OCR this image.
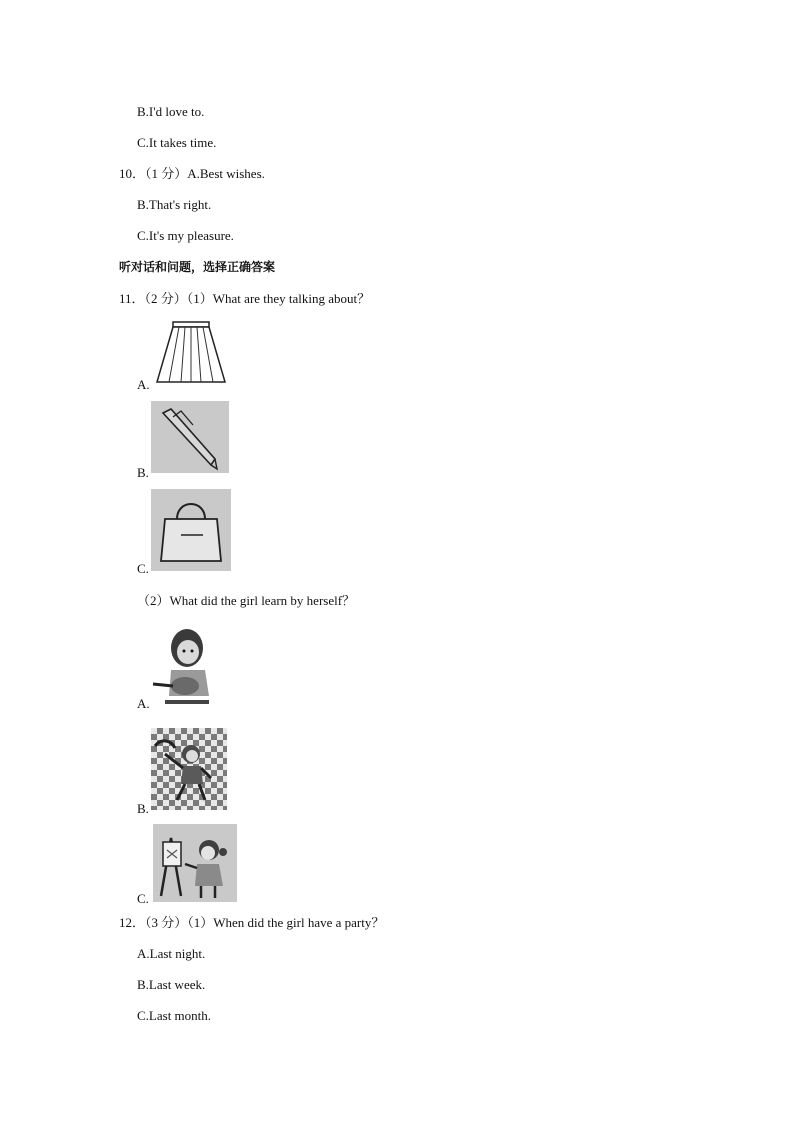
B.I'd love to.
C.It takes time.
10．（1 分）A.Best wishes.
B.That's right.
C.It's my pleasure.
听对话和问题，选择正确答案
11．（2 分）（1）What are they talking about？
A.
B.
C.
（2）What did the girl learn by herself？
A.
B.
C.
12．（3 分）（1）When did the girl have a party？
A.Last night.
B.Last week.
C.Last month.
